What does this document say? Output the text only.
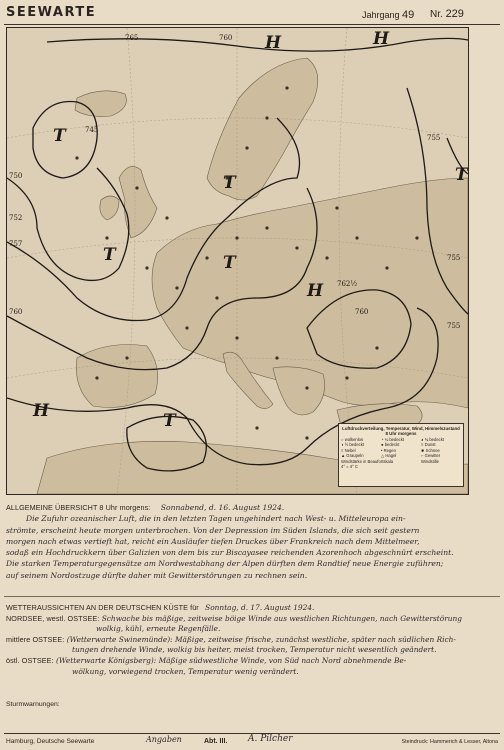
SEEWARTE	Jahrgang 49 Nr. 229
765	760
755
750
745
752
757
755
760	760
762½
755
T
T
T
T
T
T
H	H
H
H
Luftdruckverteilung, Temperatur, Wind, Himmelszustand 8 Uhr morgens
○ wolkenlos	◔ ¼ bedeckt	◕ ¾ bedeckt
◑ ½ bedeckt	● bedeckt	≡ Dunst
≡ Nebel	• Regen	✱ Schnee
▲ Graupeln	△ Hagel	⌐ Gewitter
Windstärke in Beaufortskala	Windstille
4° = 4° C
ALLGEMEINE ÜBERSICHT 8 Uhr morgens: Sonnabend, d. 16. August 1924.
Die Zufuhr ozeanischer Luft, die in den letzten Tagen ungehindert nach West- u. Mitteleuropa ein-
strömte, erscheint heute morgen unterbrochen. Von der Depression im Süden Islands, die sich seit gestern
morgen nach etwas vertieft hat, reicht ein Ausläufer tiefen Druckes über Frankreich nach dem Mittelmeer,
sodaß ein Hochdruckkern über Galizien von dem bis zur Biscayasee reichenden Azorenhoch abgeschnürt erscheint.
Die starken Temperaturgegensätze am Nordwestabhang der Alpen dürften dem Randtief neue Energie zuführen;
auf seinem Nordostzuge dürfte daher mit Gewitterstörungen zu rechnen sein.
WETTERAUSSICHTEN AN DER DEUTSCHEN KÜSTE für Sonntag, d. 17. August 1924.
NORDSEE, westl. OSTSEE: Schwache bis mäßige, zeitweise böige Winde aus westlichen Richtungen, nach Gewitterstörung
wolkig, kühl, erneute Regenfälle.
mittlere OSTSEE: (Wetterwarte Swinemünde): Mäßige, zeitweise frische, zunächst westliche, später nach südlichen Rich-
tungen drehende Winde, wolkig bis heiter, meist trocken, Temperatur nicht wesentlich geändert.
östl. OSTSEE: (Wetterwarte Königsberg): Mäßige südwestliche Winde, von Süd nach Nord abnehmende Be-
wölkung, vorwiegend trocken, Temperatur wenig verändert.
Sturmwarnungen:
Hamburg, Deutsche Seewarte	Angaben	Abt. III. A. Pilcher	Steindruck: Hammerich & Lesser, Altona
